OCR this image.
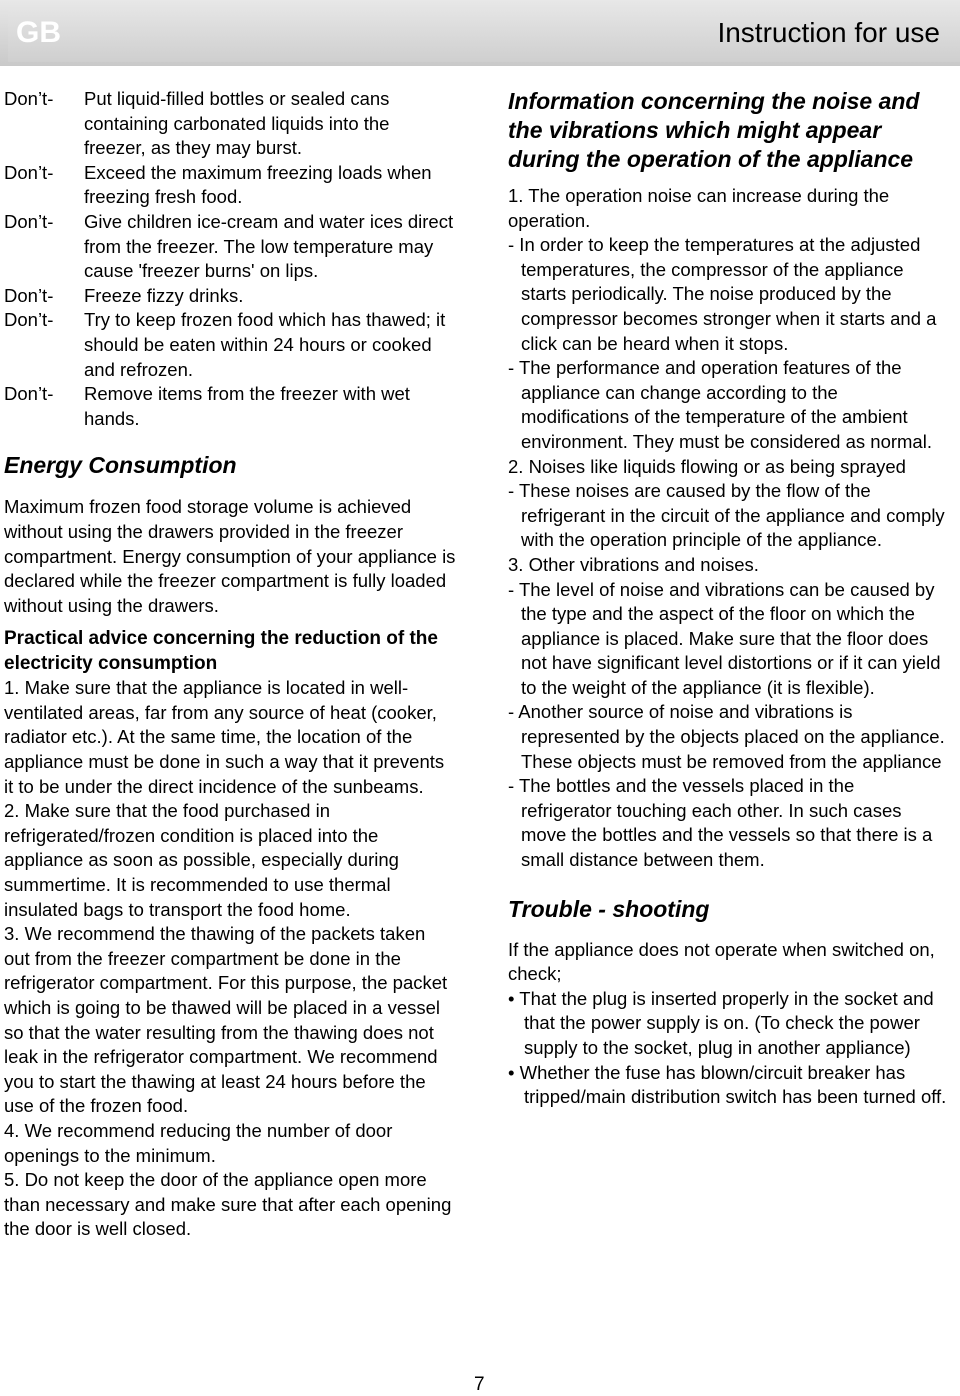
GB	Instruction for use
Don’t-	Put liquid-filled bottles or sealed cans containing carbonated liquids into the freezer, as they may burst.
Don’t-	Exceed the maximum freezing loads when freezing fresh food.
Don’t-	Give children ice-cream and water ices direct from the freezer. The low temperature may cause 'freezer burns' on lips.
Don’t-	Freeze fizzy drinks.
Don’t-	Try to keep frozen food which has thawed; it should be eaten within 24 hours or cooked and refrozen.
Don’t-	Remove items from the freezer with wet hands.
Energy Consumption

Maximum frozen food storage volume is achieved without using the drawers provided in the freezer compartment. Energy consumption of your appliance is declared while the freezer compartment is fully loaded without using the drawers.

Practical advice concerning the reduction of the electricity consumption

1. Make sure that the appliance is located in well-ventilated areas, far from any source of heat (cooker, radiator etc.). At the same time, the location of the appliance must be done in such a way that it prevents it to be under the direct incidence of the sunbeams.

2. Make sure that the food purchased in refrigerated/frozen condition is placed into the appliance as soon as possible, especially during summertime. It is recommended to use thermal insulated bags to transport the food home.

3. We recommend the thawing of the packets taken out from the freezer compartment be done in the refrigerator compartment. For this purpose, the packet which is going to be thawed will be placed in a vessel so that the water resulting from the thawing does not leak in the refrigerator compartment. We recommend you to start the thawing at least 24 hours before the use of the frozen food.

4. We recommend reducing the number of door openings to the minimum.

5. Do not keep the door of the appliance open more than necessary and make sure that after each opening the door is well closed.

Information concerning the noise and the vibrations which might appear during the operation of the appliance

1. The operation noise can increase during the operation.

- In order to keep the temperatures at the adjusted temperatures, the compressor of the appliance starts periodically. The noise produced by the compressor becomes stronger when it starts and a click can be heard when it stops.

- The performance and operation features of the appliance can change according to the modifications of the temperature of the ambient environment. They must be considered as normal.

2. Noises like liquids flowing or as being sprayed

- These noises are caused by the flow of the refrigerant in the circuit of the appliance and comply with the operation principle of the appliance.

3. Other vibrations and noises.

- The level of noise and vibrations can be caused by the type and the aspect of the floor on which the appliance is placed. Make sure that the floor does not have significant level distortions or if it can yield to the weight of the appliance (it is flexible).

- Another source of noise and vibrations is represented by the objects placed on the appliance. These objects must be removed from the appliance

- The bottles and the vessels placed in the refrigerator touching each other. In such cases move the bottles and the vessels so that there is a small distance between them.

Trouble - shooting

If the appliance does not operate when switched on, check;

• That the plug is inserted properly in the socket and that the power supply is on. (To check the power supply to the socket, plug in another appliance)

• Whether the fuse has blown/circuit breaker has tripped/main distribution switch has been turned off.

7
